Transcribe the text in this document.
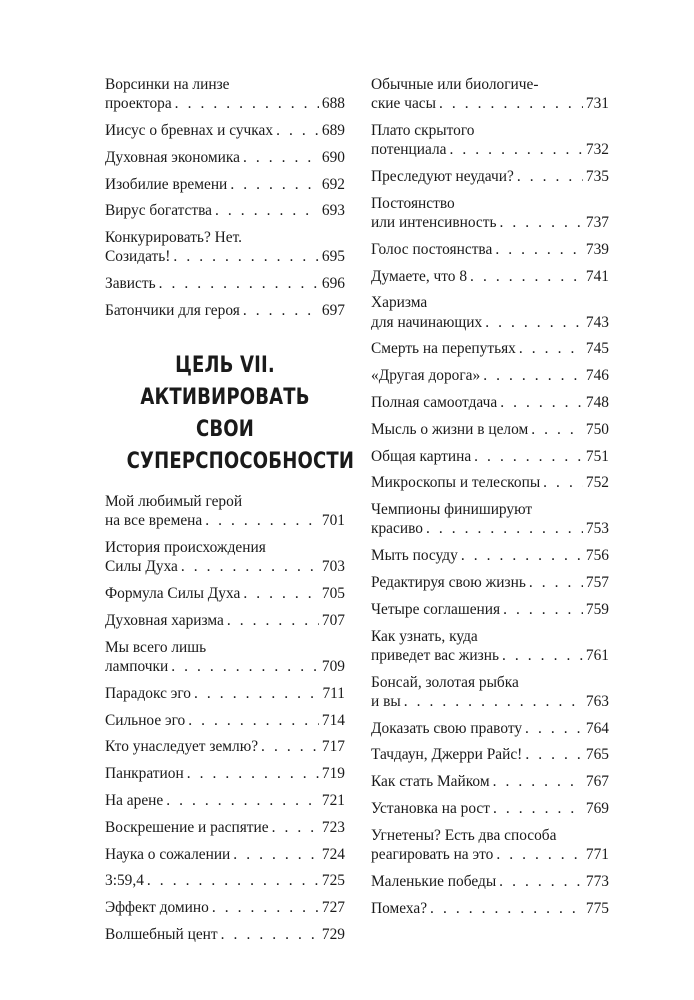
Ворсинки на линзе
проектора . . .	688
Иисус о бревнах и сучках . . .	689
Духовная экономика . . .	690
Изобилие времени . . .	692
Вирус богатства . . .	693
Конкурировать? Нет.
Созидать! . . .	695
Зависть . . .	696
Батончики для героя . . .	697
ЦЕЛЬ VII.
АКТИВИРОВАТЬ СВОИ
СУПЕРСПОСОБНОСТИ
Мой любимый герой
на все времена . . .	701
История происхождения
Силы Духа . . .	703
Формула Силы Духа . . .	705
Духовная харизма . . .	707
Мы всего лишь
лампочки . . .	709
Парадокс эго . . .	711
Сильное эго . . .	714
Кто унаследует землю? . . .	717
Панкратион . . .	719
На арене . . .	721
Воскрешение и распятие . . .	723
Наука о сожалении . . .	724
3:59,4 . . .	725
Эффект домино . . .	727
Волшебный цент . . .	729
Обычные или биологиче-
ские часы . . .	731
Плато скрытого
потенциала . . .	732
Преследуют неудачи? . . .	735
Постоянство
или интенсивность . . .	737
Голос постоянства . . .	739
Думаете, что 8 . . .	741
Харизма
для начинающих . . .	743
Смерть на перепутьях . . .	745
«Другая дорога» . . .	746
Полная самоотдача . . .	748
Мысль о жизни в целом . . .	750
Общая картина . . .	751
Микроскопы и телескопы . . .	752
Чемпионы финишируют
красиво . . .	753
Мыть посуду . . .	756
Редактируя свою жизнь . . .	757
Четыре соглашения . . .	759
Как узнать, куда
приведет вас жизнь . . .	761
Бонсай, золотая рыбка
и вы . . .	763
Доказать свою правоту . . .	764
Тачдаун, Джерри Райс! . . .	765
Как стать Майком . . .	767
Установка на рост . . .	769
Угнетены? Есть два способа
реагировать на это . . .	771
Маленькие победы . . .	773
Помеха? . . .	775
